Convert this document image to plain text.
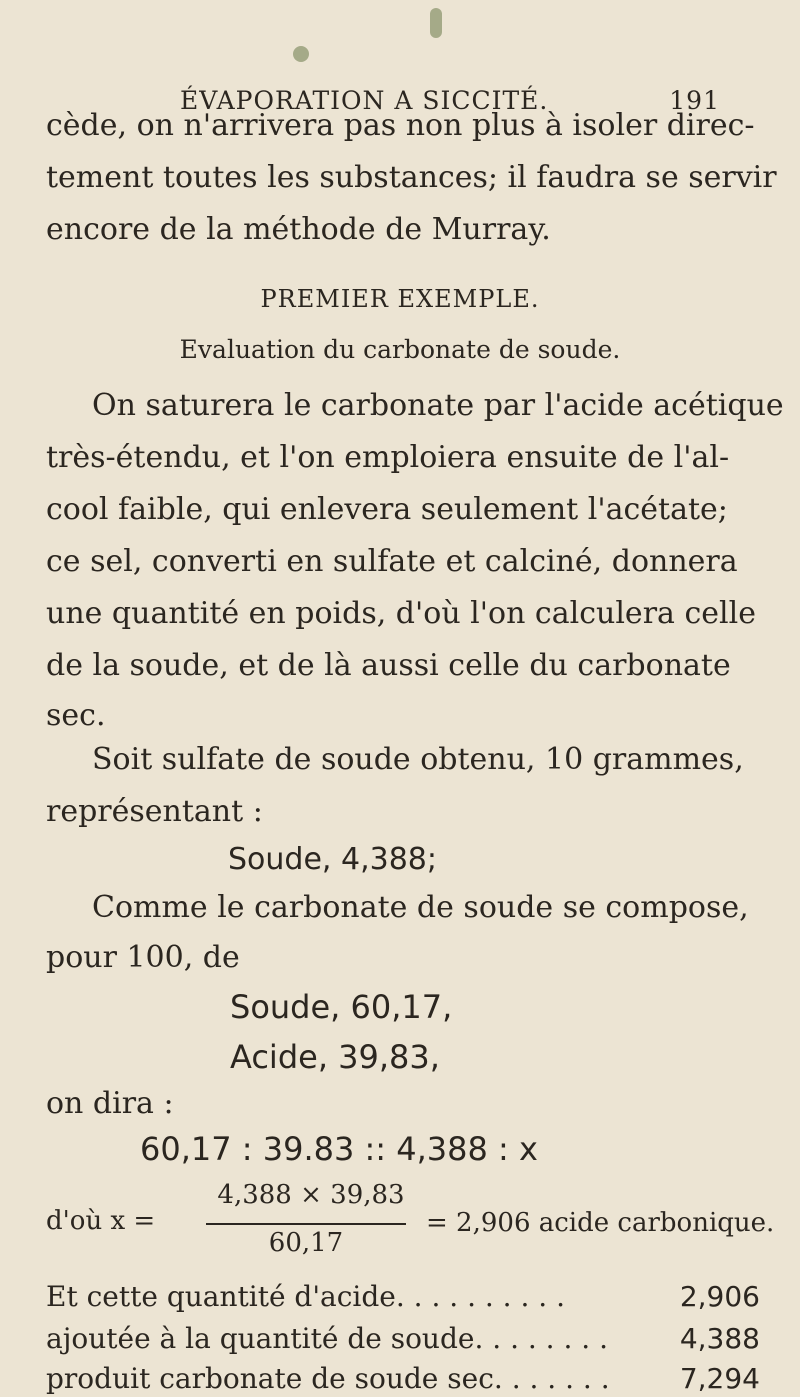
ÉVAPORATION A SICCITÉ.	191
cède, on n'arrivera pas non plus à isoler direc-
tement toutes les substances; il faudra se servir
encore de la méthode de Murray.
PREMIER EXEMPLE.
Evaluation du carbonate de soude.
On saturera le carbonate par l'acide acétique
très-étendu, et l'on emploiera ensuite de l'al-
cool faible, qui enlevera seulement l'acétate;
ce sel, converti en sulfate et calciné, donnera
une quantité en poids, d'où l'on calculera celle
de la soude, et de là aussi celle du carbonate
sec.
Soit sulfate de soude obtenu, 10 grammes,
représentant :
Soude, 4,388;
Comme le carbonate de soude se compose,
pour 100, de
Soude, 60,17,
Acide, 39,83,
on dira :
60,17 : 39.83 :: 4,388 : x
d'où x =
4,388 × 39,83
60,17
= 2,906 acide carbonique.
Et cette quantité d'acide. . . . . . . . . .	2,906
ajoutée à la quantité de soude. . . . . . . .	4,388
produit carbonate de soude sec. . . . . . .	7,294
